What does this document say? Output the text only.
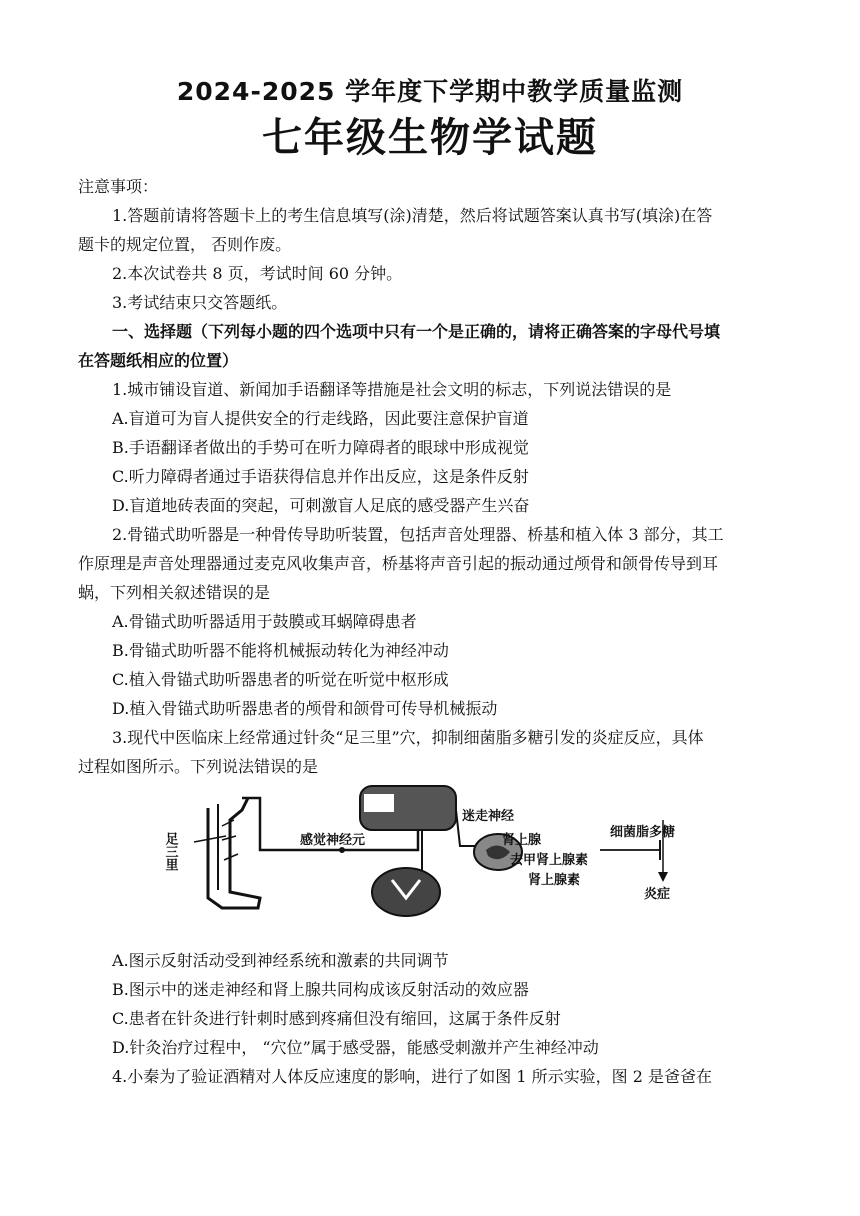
2024-2025 学年度下学期中教学质量监测
七年级生物学试题
注意事项：
1.答题前请将答题卡上的考生信息填写(涂)清楚，然后将试题答案认真书写(填涂)在答
题卡的规定位置， 否则作废。
2.本次试卷共 8 页，考试时间 60 分钟。
3.考试结束只交答题纸。
一、选择题（下列每小题的四个选项中只有一个是正确的，请将正确答案的字母代号填
在答题纸相应的位置）
1.城市铺设盲道、新闻加手语翻译等措施是社会文明的标志，下列说法错误的是
A.盲道可为盲人提供安全的行走线路，因此要注意保护盲道
B.手语翻译者做出的手势可在听力障碍者的眼球中形成视觉
C.听力障碍者通过手语获得信息并作出反应，这是条件反射
D.盲道地砖表面的突起，可刺激盲人足底的感受器产生兴奋
2.骨锚式助听器是一种骨传导助听装置，包括声音处理器、桥基和植入体 3 部分，其工
作原理是声音处理器通过麦克风收集声音，桥基将声音引起的振动通过颅骨和颌骨传导到耳
蜗，下列相关叙述错误的是
A.骨锚式助听器适用于鼓膜或耳蜗障碍患者
B.骨锚式助听器不能将机械振动转化为神经冲动
C.植入骨锚式助听器患者的听觉在听觉中枢形成
D.植入骨锚式助听器患者的颅骨和颌骨可传导机械振动
3.现代中医临床上经常通过针灸“足三里”穴，抑制细菌脂多糖引发的炎症反应，具体
过程如图所示。下列说法错误的是
足三里
延髓
感觉神经元
迷走神经
肾上腺
去甲肾上腺素
肾上腺素
细菌脂多糖
炎症
A.图示反射活动受到神经系统和激素的共同调节
B.图示中的迷走神经和肾上腺共同构成该反射活动的效应器
C.患者在针灸进行针刺时感到疼痛但没有缩回，这属于条件反射
D.针灸治疗过程中， “穴位”属于感受器，能感受刺激并产生神经冲动
4.小秦为了验证酒精对人体反应速度的影响，进行了如图 1 所示实验，图 2 是爸爸在
